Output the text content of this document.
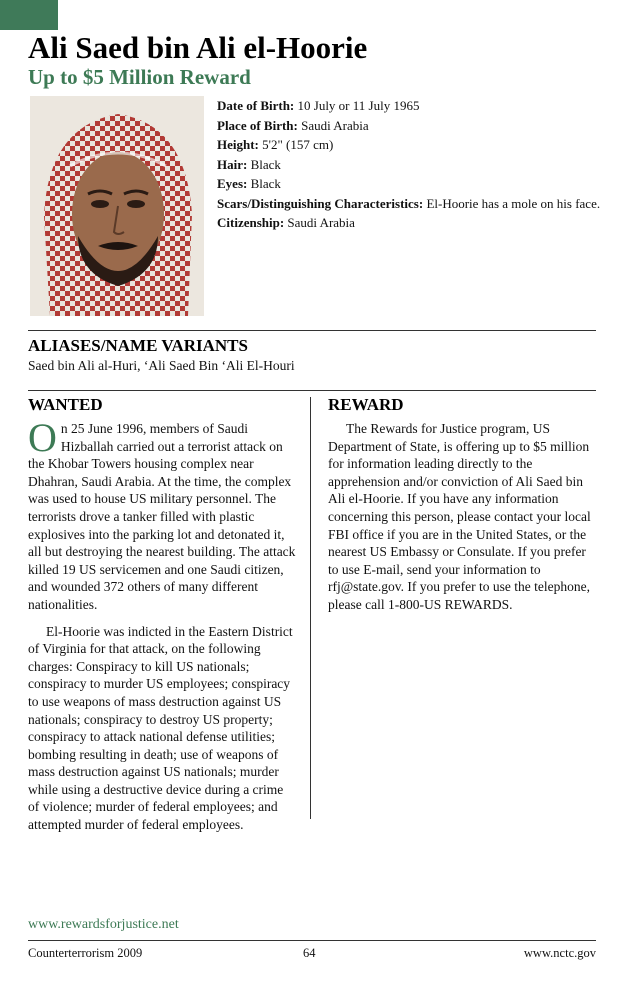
Ali Saed bin Ali el-Hoorie
Up to $5 Million Reward

Date of Birth: 10 July or 11 July 1965

Place of Birth: Saudi Arabia

Height: 5'2" (157 cm)

Hair: Black

Eyes: Black

Scars/Distinguishing Characteristics: El-Hoorie has a mole on his face.

Citizenship: Saudi Arabia

ALIASES/NAME VARIANTS
Saed bin Ali al-Huri, ‘Ali Saed Bin ‘Ali El-Houri
WANTED	REWARD

On 25 June 1996, members of Saudi Hizballah carried out a terrorist attack on the Khobar Towers housing complex near Dhahran, Saudi Arabia. At the time, the complex was used to house US military personnel. The terrorists drove a tanker filled with plastic explosives into the parking lot and detonated it, all but destroying the nearest building. The attack killed 19 US servicemen and one Saudi citizen, and wounded 372 others of many different nationalities.

El-Hoorie was indicted in the Eastern District of Virginia for that attack, on the following charges: Conspiracy to kill US nationals; conspiracy to murder US employees; conspiracy to use weapons of mass destruction against US nationals; conspiracy to destroy US property; conspiracy to attack national defense utilities; bombing resulting in death; use of weapons of mass destruction against US nationals; murder while using a destructive device during a crime of violence; murder of federal employees; and attempted murder of federal employees.

The Rewards for Justice program, US Department of State, is offering up to $5 million for information leading directly to the apprehension and/or conviction of Ali Saed bin Ali el-Hoorie. If you have any information concerning this person, please contact your local FBI office if you are in the United States, or the nearest US Embassy or Consulate. If you prefer to use E-mail, send your information to rfj@state.gov. If you prefer to use the telephone, please call 1-800-US REWARDS.

www.rewardsforjustice.net
Counterterrorism 2009	64	www.nctc.gov
